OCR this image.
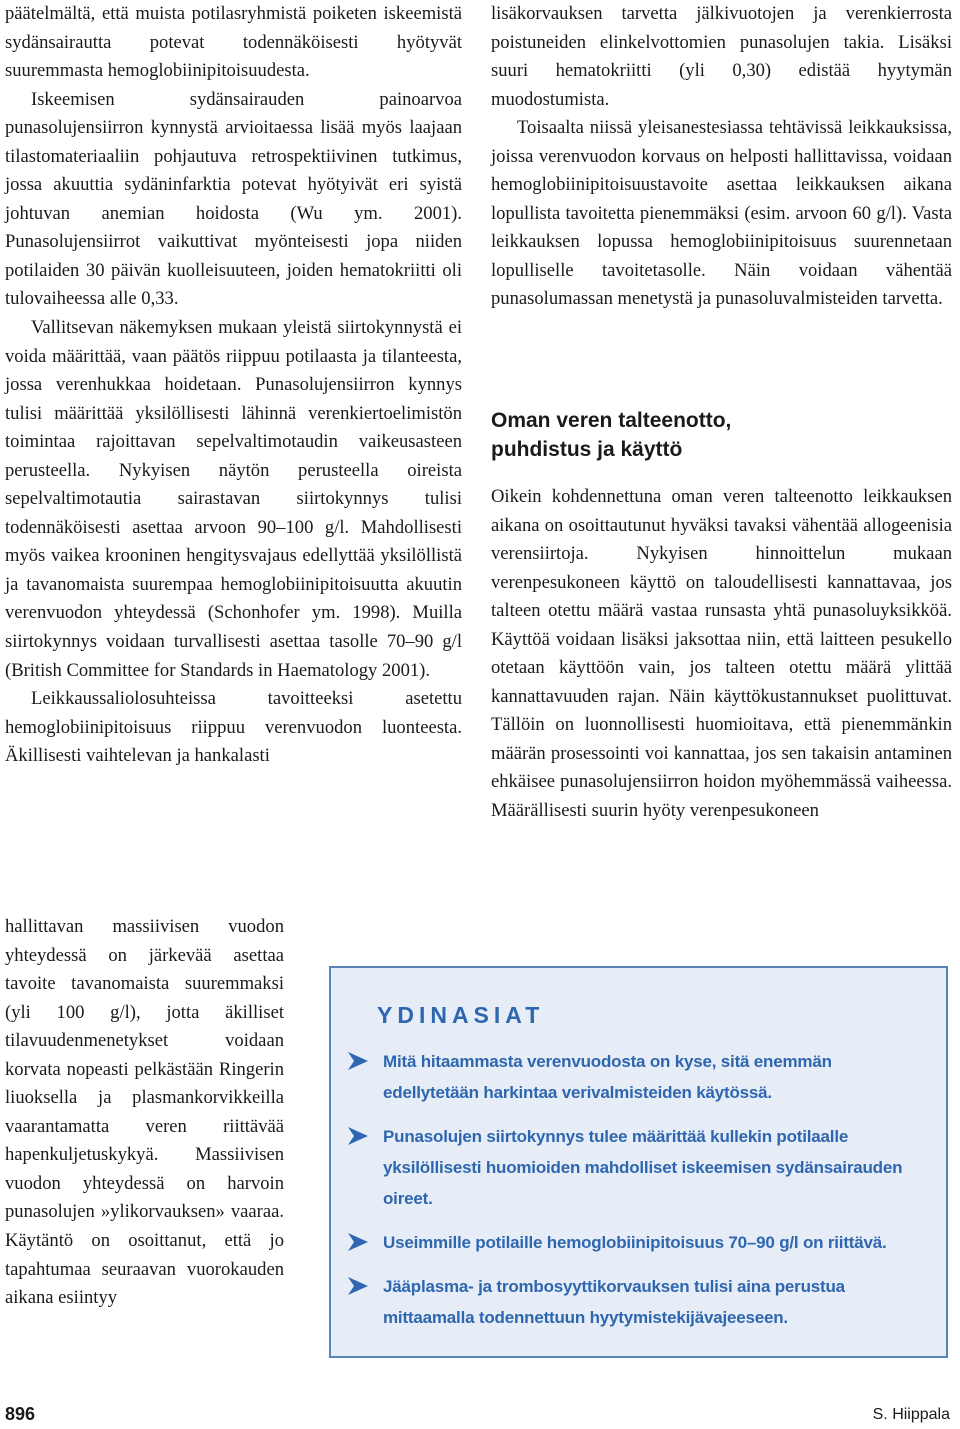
päätelmältä, että muista potilasryhmistä poiketen iskeemistä sydänsairautta potevat todennäköisesti hyötyvät suuremmasta hemoglobiinipitoisuudesta.

Iskeemisen sydänsairauden painoarvoa punasolujensiirron kynnystä arvioitaessa lisää myös laajaan tilastomateriaaliin pohjautuva retrospektiivinen tutkimus, jossa akuuttia sydäninfarktia potevat hyötyivät eri syistä johtuvan anemian hoidosta (Wu ym. 2001). Punasolujensiirrot vaikuttivat myönteisesti jopa niiden potilaiden 30 päivän kuolleisuuteen, joiden hematokriitti oli tulovaiheessa alle 0,33.

Vallitsevan näkemyksen mukaan yleistä siirtokynnystä ei voida määrittää, vaan päätös riippuu potilaasta ja tilanteesta, jossa verenhukkaa hoidetaan. Punasolujensiirron kynnys tulisi määrittää yksilöllisesti lähinnä verenkiertoelimistön toimintaa rajoittavan sepelvaltimotaudin vaikeusasteen perusteella. Nykyisen näytön perusteella oireista sepelvaltimotautia sairastavan siirtokynnys tulisi todennäköisesti asettaa arvoon 90–100 g/l. Mahdollisesti myös vaikea krooninen hengitysvajaus edellyttää yksilöllistä ja tavanomaista suurempaa hemoglobiinipitoisuutta akuutin verenvuodon yhteydessä (Schonhofer ym. 1998). Muilla siirtokynnys voidaan turvallisesti asettaa tasolle 70–90 g/l (British Committee for Standards in Haematology 2001).

Leikkaussaliolosuhteissa tavoitteeksi asetettu hemoglobiinipitoisuus riippuu verenvuodon luonteesta. Äkillisesti vaihtelevan ja hankalasti

hallittavan massiivisen vuodon yhteydessä on järkevää asettaa tavoite tavanomaista suuremmaksi (yli 100 g/l), jotta äkilliset tilavuudenmenetykset voidaan korvata nopeasti pelkästään Ringerin liuoksella ja plasmankorvikkeilla vaarantamatta veren riittävää hapenkuljetuskykyä. Massiivisen vuodon yhteydessä on harvoin punasolujen »ylikorvauksen» vaaraa. Käytäntö on osoittanut, että jo tapahtumaa seuraavan vuorokauden aikana esiintyy

lisäkorvauksen tarvetta jälkivuotojen ja verenkierrosta poistuneiden elinkelvottomien punasolujen takia. Lisäksi suuri hematokriitti (yli 0,30) edistää hyytymän muodostumista.

Toisaalta niissä yleisanestesiassa tehtävissä leikkauksissa, joissa verenvuodon korvaus on helposti hallittavissa, voidaan hemoglobiinipitoisuustavoite asettaa leikkauksen aikana lopullista tavoitetta pienemmäksi (esim. arvoon 60 g/l). Vasta leikkauksen lopussa hemoglobiinipitoisuus suurennetaan lopulliselle tavoitetasolle. Näin voidaan vähentää punasolumassan menetystä ja punasoluvalmisteiden tarvetta.

Oman veren talteenotto,
puhdistus ja käyttö

Oikein kohdennettuna oman veren talteenotto leikkauksen aikana on osoittautunut hyväksi tavaksi vähentää allogeenisia verensiirtoja. Nykyisen hinnoittelun mukaan verenpesukoneen käyttö on taloudellisesti kannattavaa, jos talteen otettu määrä vastaa runsasta yhtä punasoluyksikköä. Käyttöä voidaan lisäksi jaksottaa niin, että laitteen pesukello otetaan käyttöön vain, jos talteen otettu määrä ylittää kannattavuuden rajan. Näin käyttökustannukset puolittuvat. Tällöin on luonnollisesti huomioitava, että pienemmänkin määrän prosessointi voi kannattaa, jos sen takaisin antaminen ehkäisee punasolujensiirron hoidon myöhemmässä vaiheessa. Määrällisesti suurin hyöty verenpesukoneen

YDINASIAT
Mitä hitaammasta verenvuodosta on kyse, sitä enemmän edellytetään harkintaa verivalmisteiden käytössä.
Punasolujen siirtokynnys tulee määrittää kullekin potilaalle yksilöllisesti huomioiden mahdolliset iskeemisen sydänsairauden oireet.
Useimmille potilaille hemoglobiinipitoisuus 70–90 g/l on riittävä.
Jääplasma- ja trombosyyttikorvauksen tulisi aina perustua mittaamalla todennettuun hyytymistekijävajeeseen.
896	S. Hiippala
